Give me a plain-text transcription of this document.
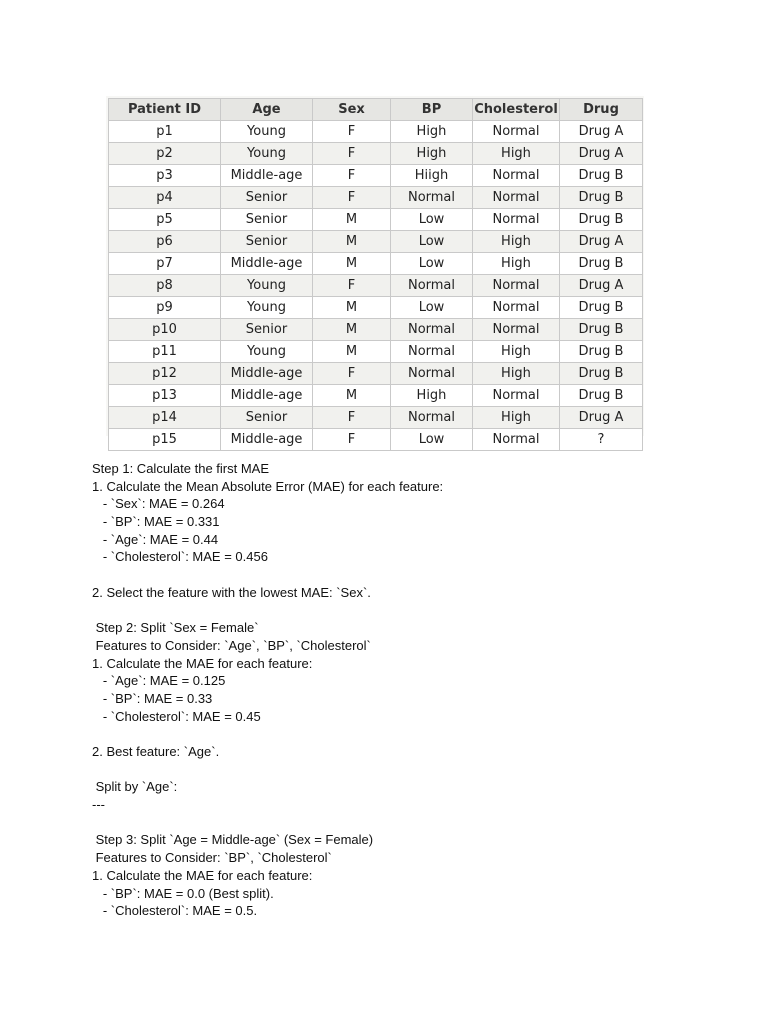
Patient ID	Age	Sex	BP	Cholesterol	Drug
p1	Young	F	High	Normal	Drug A
p2	Young	F	High	High	Drug A
p3	Middle-age	F	Hiigh	Normal	Drug B
p4	Senior	F	Normal	Normal	Drug B
p5	Senior	M	Low	Normal	Drug B
p6	Senior	M	Low	High	Drug A
p7	Middle-age	M	Low	High	Drug B
p8	Young	F	Normal	Normal	Drug A
p9	Young	M	Low	Normal	Drug B
p10	Senior	M	Normal	Normal	Drug B
p11	Young	M	Normal	High	Drug B
p12	Middle-age	F	Normal	High	Drug B
p13	Middle-age	M	High	Normal	Drug B
p14	Senior	F	Normal	High	Drug A
p15	Middle-age	F	Low	Normal	?
Step 1: Calculate the first MAE
1. Calculate the Mean Absolute Error (MAE) for each feature:
- `Sex`: MAE = 0.264
- `BP`: MAE = 0.331
- `Age`: MAE = 0.44
- `Cholesterol`: MAE = 0.456
2. Select the feature with the lowest MAE: `Sex`.
Step 2: Split `Sex = Female`
Features to Consider: `Age`, `BP`, `Cholesterol`
1. Calculate the MAE for each feature:
- `Age`: MAE = 0.125
- `BP`: MAE = 0.33
- `Cholesterol`: MAE = 0.45
2. Best feature: `Age`.
Split by `Age`:
---
Step 3: Split `Age = Middle-age` (Sex = Female)
Features to Consider: `BP`, `Cholesterol`
1. Calculate the MAE for each feature:
- `BP`: MAE = 0.0 (Best split).
- `Cholesterol`: MAE = 0.5.
